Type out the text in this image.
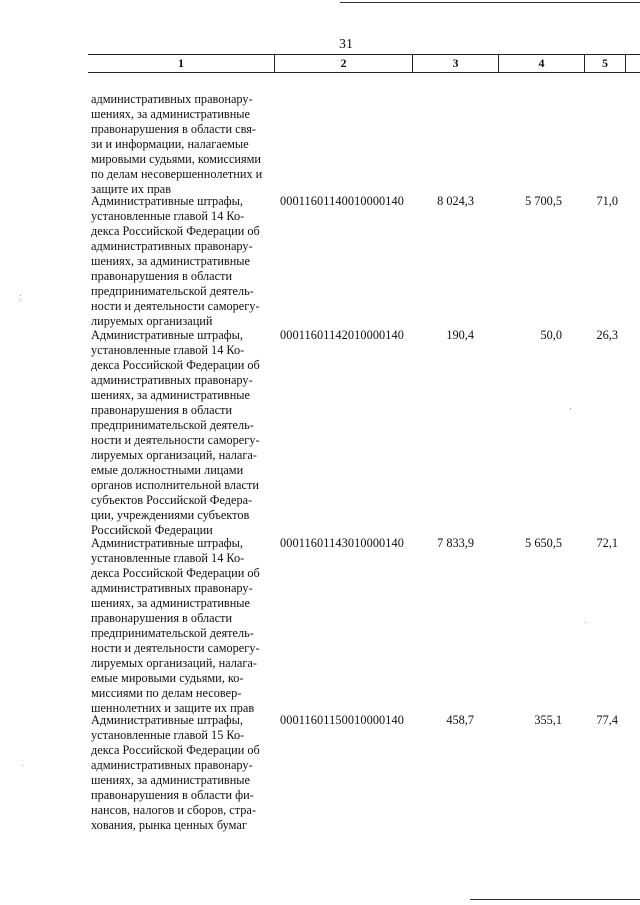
31
1	2	3	4	5
административных правонару-
шениях, за административные
правонарушения в области свя-
зи и информации, налагаемые
мировыми судьями, комиссиями
по делам несовершеннолетних и
защите их прав
Административные штрафы,
установленные главой 14 Ко-
декса Российской Федерации об
административных правонару-
шениях, за административные
правонарушения в области
предпринимательской деятель-
ности и деятельности саморегу-
лируемых организаций
00011601140010000140	8 024,3	5 700,5	71,0
Административные штрафы,
установленные главой 14 Ко-
декса Российской Федерации об
административных правонару-
шениях, за административные
правонарушения в области
предпринимательской деятель-
ности и деятельности саморегу-
лируемых организаций, налага-
емые должностными лицами
органов исполнительной власти
субъектов Российской Федера-
ции, учреждениями субъектов
Российской Федерации
00011601142010000140	190,4	50,0	26,3
Административные штрафы,
установленные главой 14 Ко-
декса Российской Федерации об
административных правонару-
шениях, за административные
правонарушения в области
предпринимательской деятель-
ности и деятельности саморегу-
лируемых организаций, налага-
емые мировыми судьями, ко-
миссиями по делам несовер-
шеннолетних и защите их прав
00011601143010000140	7 833,9	5 650,5	72,1
Административные штрафы,
установленные главой 15 Ко-
декса Российской Федерации об
административных правонару-
шениях, за административные
правонарушения в области фи-
нансов, налогов и сборов, стра-
хования, рынка ценных бумаг
00011601150010000140	458,7	355,1	77,4
